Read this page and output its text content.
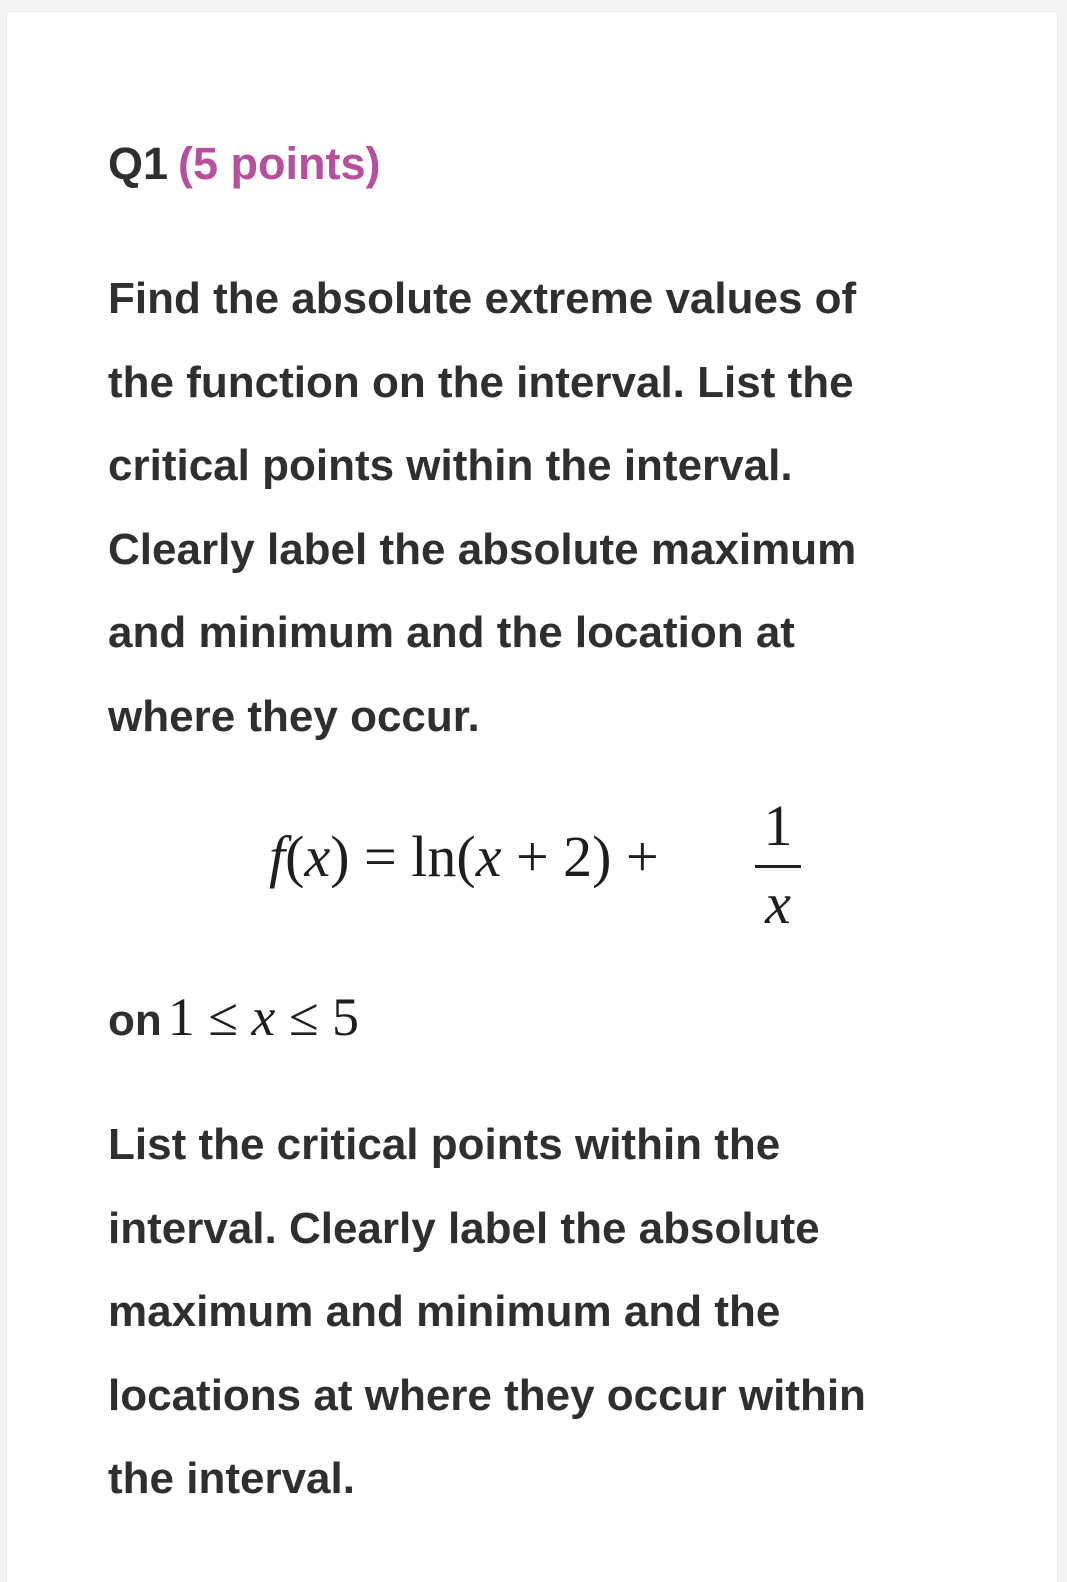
Q1 (5 points)

Find the absolute extreme values of
the function on the interval. List the
critical points within the interval.
Clearly label the absolute maximum
and minimum and the location at
where they occur.

f(x) = ln(x + 2) + 1
x
on 1 ≤ x ≤ 5

List the critical points within the
interval. Clearly label the absolute
maximum and minimum and the
locations at where they occur within
the interval.
